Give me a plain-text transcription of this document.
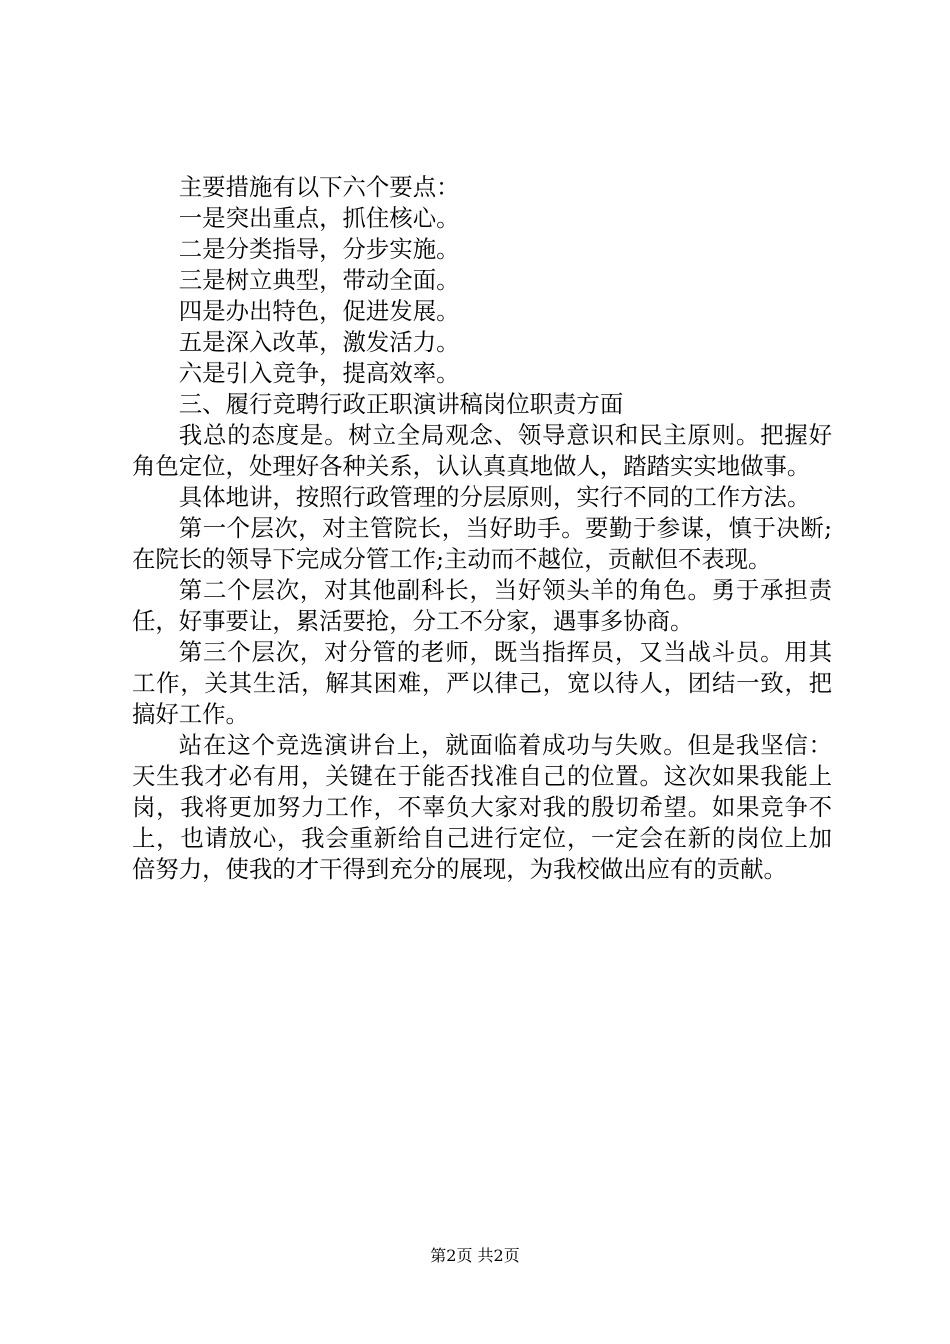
主要措施有以下六个要点：

一是突出重点，抓住核心。

二是分类指导，分步实施。

三是树立典型，带动全面。

四是办出特色，促进发展。

五是深入改革，激发活力。

六是引入竞争，提高效率。

三、履行竞聘行政正职演讲稿岗位职责方面

我总的态度是。树立全局观念、领导意识和民主原则。把握好角色定位，处理好各种关系，认认真真地做人，踏踏实实地做事。

具体地讲，按照行政管理的分层原则，实行不同的工作方法。

第一个层次，对主管院长，当好助手。要勤于参谋，慎于决断;在院长的领导下完成分管工作;主动而不越位，贡献但不表现。

第二个层次，对其他副科长，当好领头羊的角色。勇于承担责任，好事要让，累活要抢，分工不分家，遇事多协商。

第三个层次，对分管的老师，既当指挥员，又当战斗员。用其工作，关其生活，解其困难，严以律己，宽以待人，团结一致，把搞好工作。

站在这个竞选演讲台上，就面临着成功与失败。但是我坚信：天生我才必有用，关键在于能否找准自己的位置。这次如果我能上岗，我将更加努力工作，不辜负大家对我的殷切希望。如果竞争不上，也请放心，我会重新给自己进行定位，一定会在新的岗位上加倍努力，使我的才干得到充分的展现，为我校做出应有的贡献。

第2页 共2页
